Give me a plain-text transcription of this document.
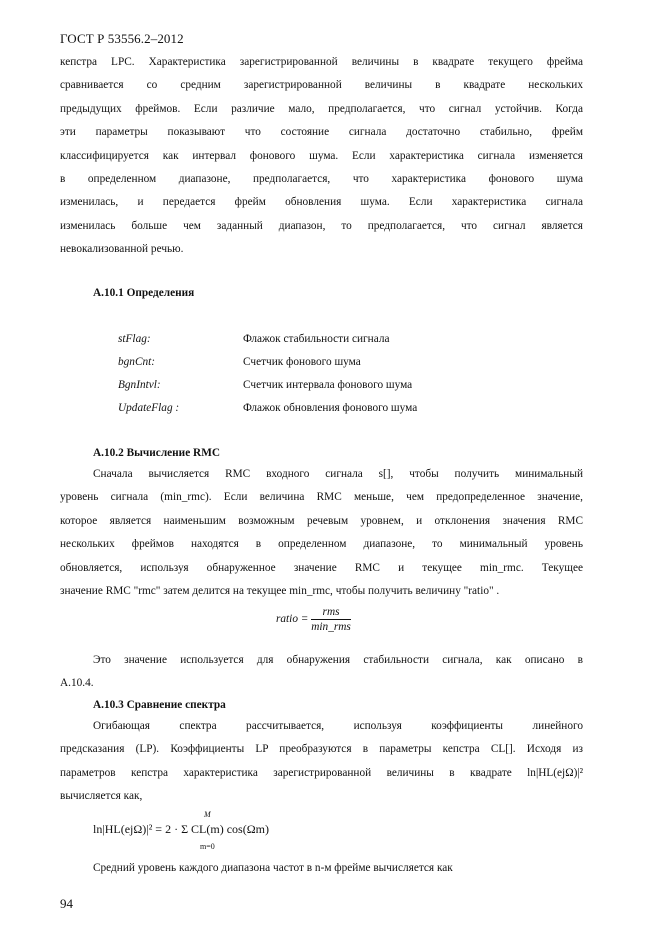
ГОСТ Р 53556.2–2012
кепстра LPC. Характеристика зарегистрированной величины в квадрате текущего фрейма
сравнивается со средним зарегистрированной величины в квадрате нескольких
предыдущих фреймов. Если различие мало, предполагается, что сигнал устойчив. Когда
эти параметры показывают что состояние сигнала достаточно стабильно, фрейм
классифицируется как интервал фонового шума. Если характеристика сигнала изменяется
в определенном диапазоне, предполагается, что характеристика фонового шума
изменилась, и передается фрейм обновления шума. Если характеристика сигнала
изменилась больше чем заданный диапазон, то предполагается, что сигнал является
невокализованной речью.
А.10.1 Определения
stFlag:	Флажок стабильности сигнала
bgnCnt:	Счетчик фонового шума
BgnIntvl:	Счетчик интервала фонового шума
UpdateFlag :	Флажок обновления фонового шума
А.10.2 Вычисление RMC
Сначала вычисляется RMC входного сигнала s[], чтобы получить минимальный
уровень сигнала (min_rmc). Если величина RMC меньше, чем предопределенное значение,
которое является наименьшим возможным речевым уровнем, и отклонения значения RMC
нескольких фреймов находятся в определенном диапазоне, то минимальный уровень
обновляется, используя обнаруженное значение RMC и текущее min_rmc. Текущее
значение RMC "rmc" затем делится на текущее min_rmc, чтобы получить величину "ratio" .
ratio = $\frac{\text{rms}}{\text{min\_rms}}$
Это значение используется для обнаружения стабильности сигнала, как описано в
А.10.4.
А.10.3 Сравнение спектра
Огибающая спектра рассчитывается, используя коэффициенты линейного
предсказания (LP). Коэффициенты LP преобразуются в параметры кепстра CL[]. Исходя из
параметров кепстра характеристика зарегистрированной величины в квадрате ln|HL(ejΩ)|²
вычисляется как,
ln|HL(ejΩ)|² = 2 · Σ CL(m) cos(Ωm)
M
m=0
Средний уровень каждого диапазона частот в n-м фрейме вычисляется как
94
